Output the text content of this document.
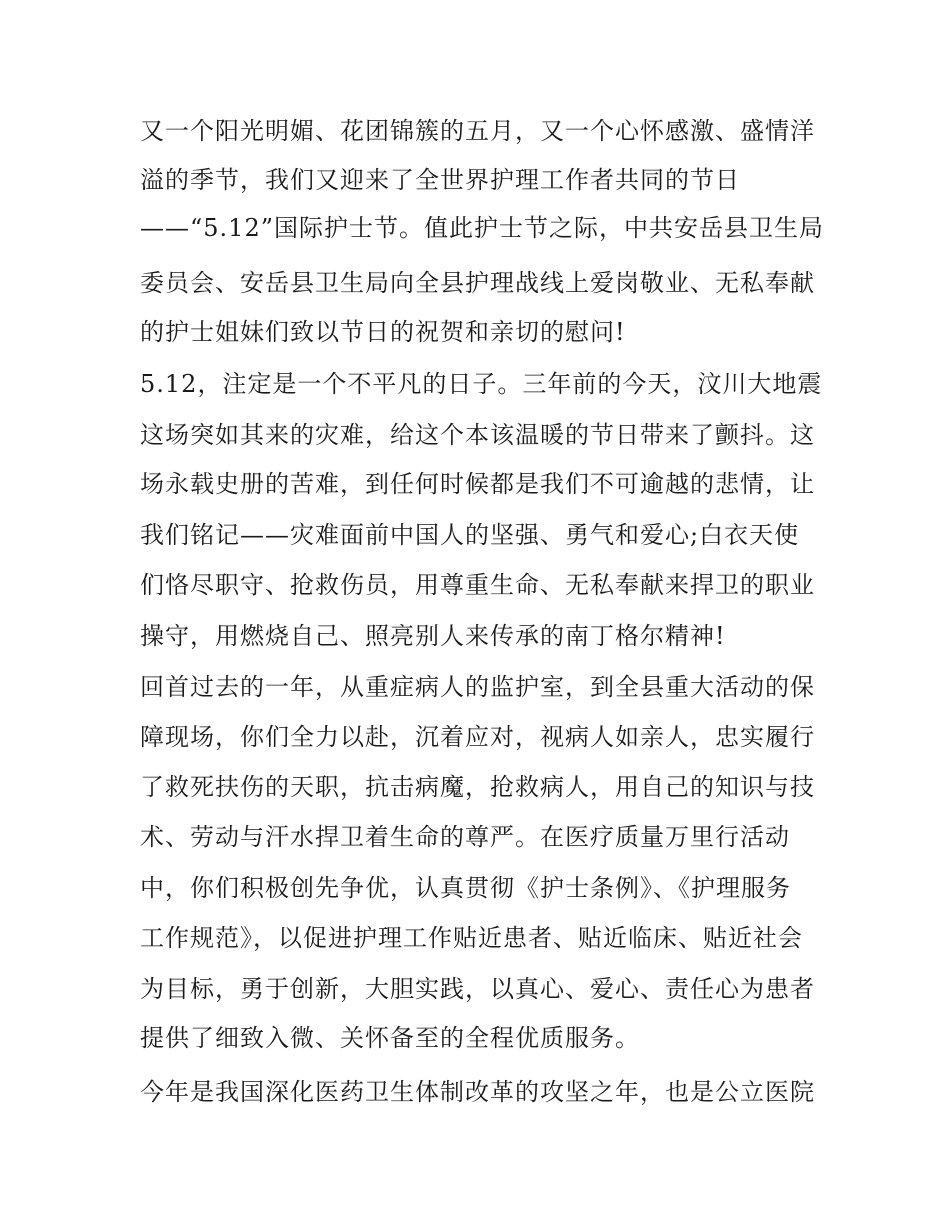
又一个阳光明媚、花团锦簇的五月，又一个心怀感激、盛情洋

溢的季节，我们又迎来了全世界护理工作者共同的节日

——“5.12”国际护士节。值此护士节之际，中共安岳县卫生局

委员会、安岳县卫生局向全县护理战线上爱岗敬业、无私奉献

的护士姐妹们致以节日的祝贺和亲切的慰问!

5.12，注定是一个不平凡的日子。三年前的今天，汶川大地震

这场突如其来的灾难，给这个本该温暖的节日带来了颤抖。这

场永载史册的苦难，到任何时候都是我们不可逾越的悲情，让

我们铭记——灾难面前中国人的坚强、勇气和爱心;白衣天使

们恪尽职守、抢救伤员，用尊重生命、无私奉献来捍卫的职业

操守，用燃烧自己、照亮别人来传承的南丁格尔精神!

回首过去的一年，从重症病人的监护室，到全县重大活动的保

障现场，你们全力以赴，沉着应对，视病人如亲人，忠实履行

了救死扶伤的天职，抗击病魔，抢救病人，用自己的知识与技

术、劳动与汗水捍卫着生命的尊严。在医疗质量万里行活动

中，你们积极创先争优，认真贯彻《护士条例》、《护理服务

工作规范》，以促进护理工作贴近患者、贴近临床、贴近社会

为目标，勇于创新，大胆实践，以真心、爱心、责任心为患者

提供了细致入微、关怀备至的全程优质服务。

今年是我国深化医药卫生体制改革的攻坚之年，也是公立医院
